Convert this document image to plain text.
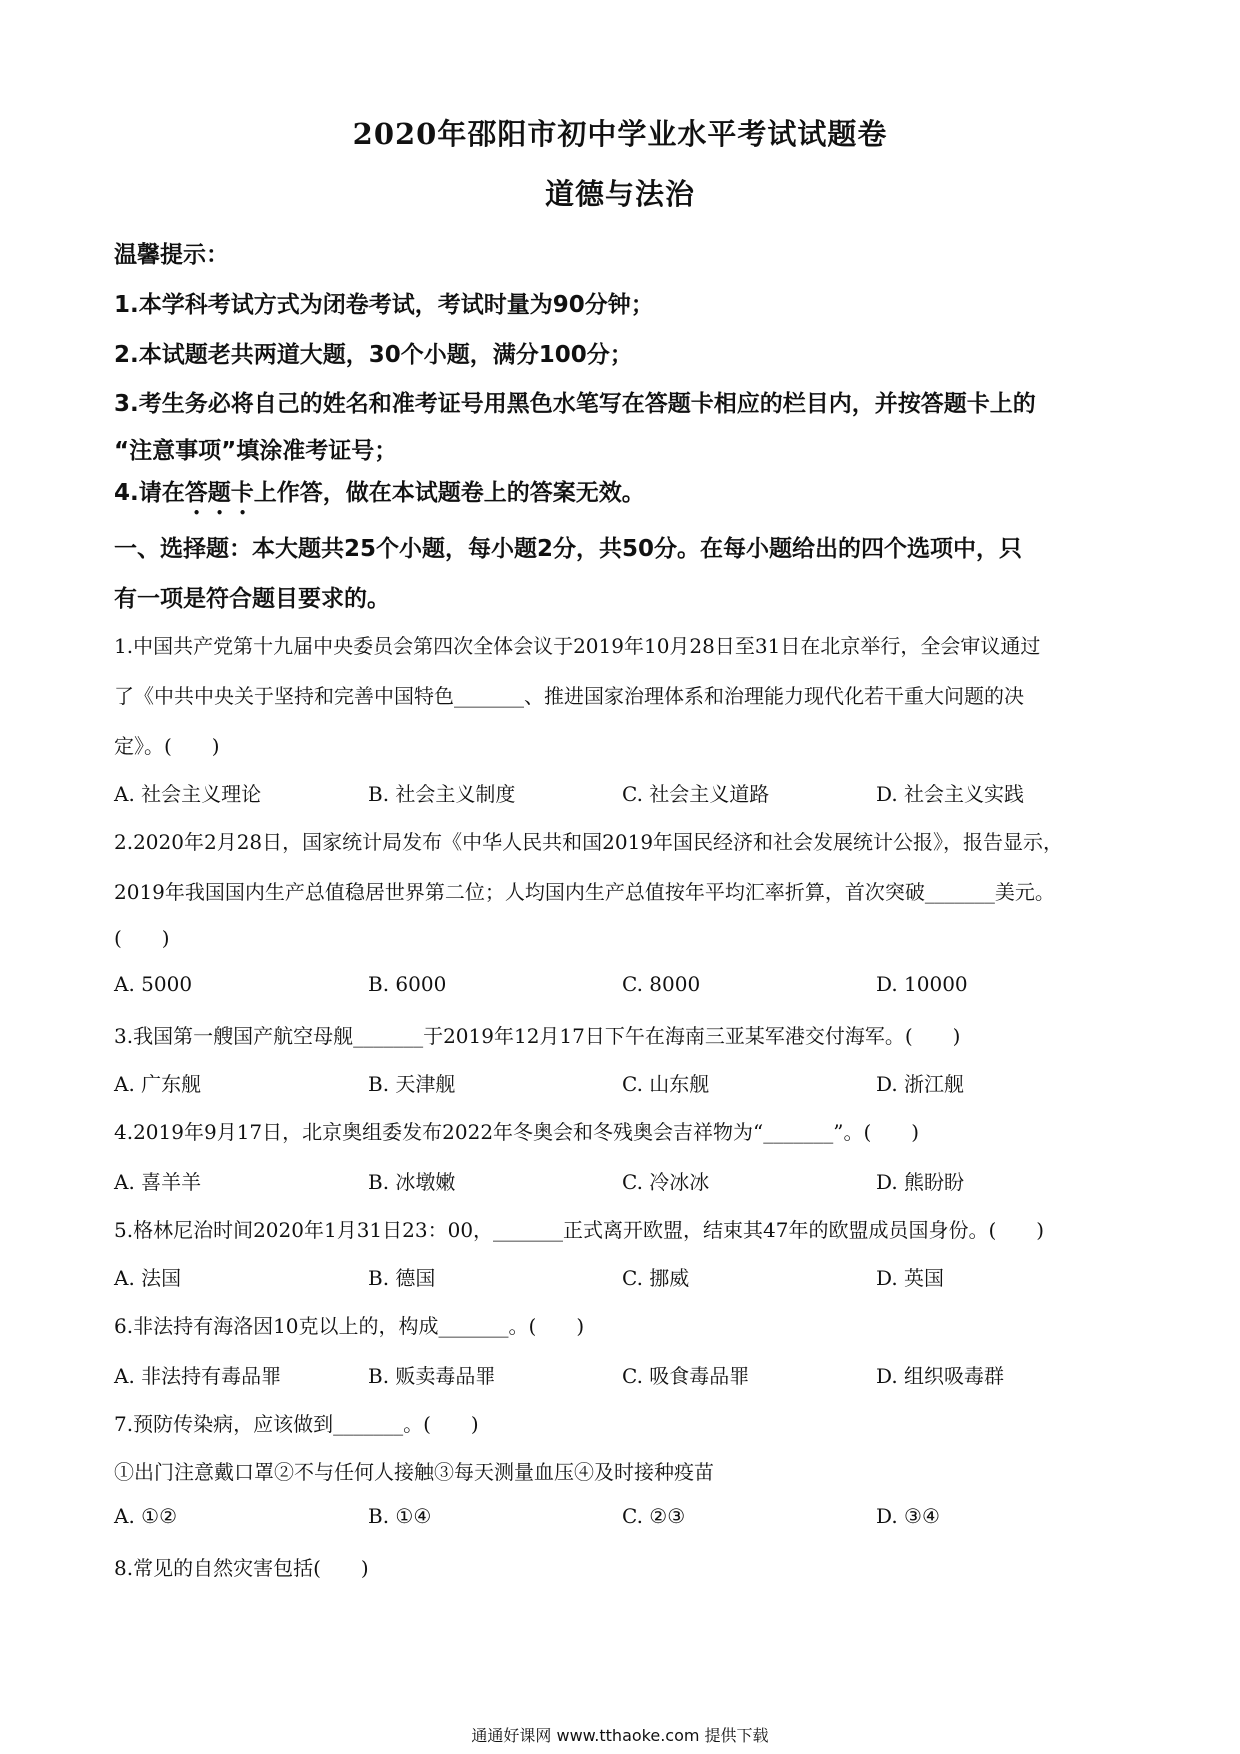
2020年邵阳市初中学业水平考试试题卷
道德与法治
温馨提示：
1.本学科考试方式为闭卷考试，考试时量为90分钟；
2.本试题老共两道大题，30个小题，满分100分；
3.考生务必将自己的姓名和准考证号用黑色水笔写在答题卡相应的栏目内，并按答题卡上的
“注意事项”填涂准考证号；
4.请在答题卡上作答，做在本试题卷上的答案无效。
一、选择题：本大题共25个小题，每小题2分，共50分。在每小题给出的四个选项中，只
有一项是符合题目要求的。
1.中国共产党第十九届中央委员会第四次全体会议于2019年10月28日至31日在北京举行，全会审议通过
了《中共中央关于坚持和完善中国特色_______、推进国家治理体系和治理能力现代化若干重大问题的决
定》。(　　)
A. 社会主义理论	B. 社会主义制度	C. 社会主义道路	D. 社会主义实践
2.2020年2月28日，国家统计局发布《中华人民共和国2019年国民经济和社会发展统计公报》，报告显示，
2019年我国国内生产总值稳居世界第二位；人均国内生产总值按年平均汇率折算，首次突破_______美元。
(　　)
A. 5000	B. 6000	C. 8000	D. 10000
3.我国第一艘国产航空母舰_______于2019年12月17日下午在海南三亚某军港交付海军。(　　)
A. 广东舰	B. 天津舰	C. 山东舰	D. 浙江舰
4.2019年9月17日，北京奥组委发布2022年冬奥会和冬残奥会吉祥物为“_______”。(　　)
A. 喜羊羊	B. 冰墩嫩	C. 冷冰冰	D. 熊盼盼
5.格林尼治时间2020年1月31日23：00，_______正式离开欧盟，结束其47年的欧盟成员国身份。(　　)
A. 法国	B. 德国	C. 挪威	D. 英国
6.非法持有海洛因10克以上的，构成_______。(　　)
A. 非法持有毒品罪	B. 贩卖毒品罪	C. 吸食毒品罪	D. 组织吸毒群
7.预防传染病，应该做到_______。(　　)
①出门注意戴口罩②不与任何人接触③每天测量血压④及时接种疫苗
A. ①②	B. ①④	C. ②③	D. ③④
8.常见的自然灾害包括(　　)
通通好课网 www.tthaoke.com 提供下载
